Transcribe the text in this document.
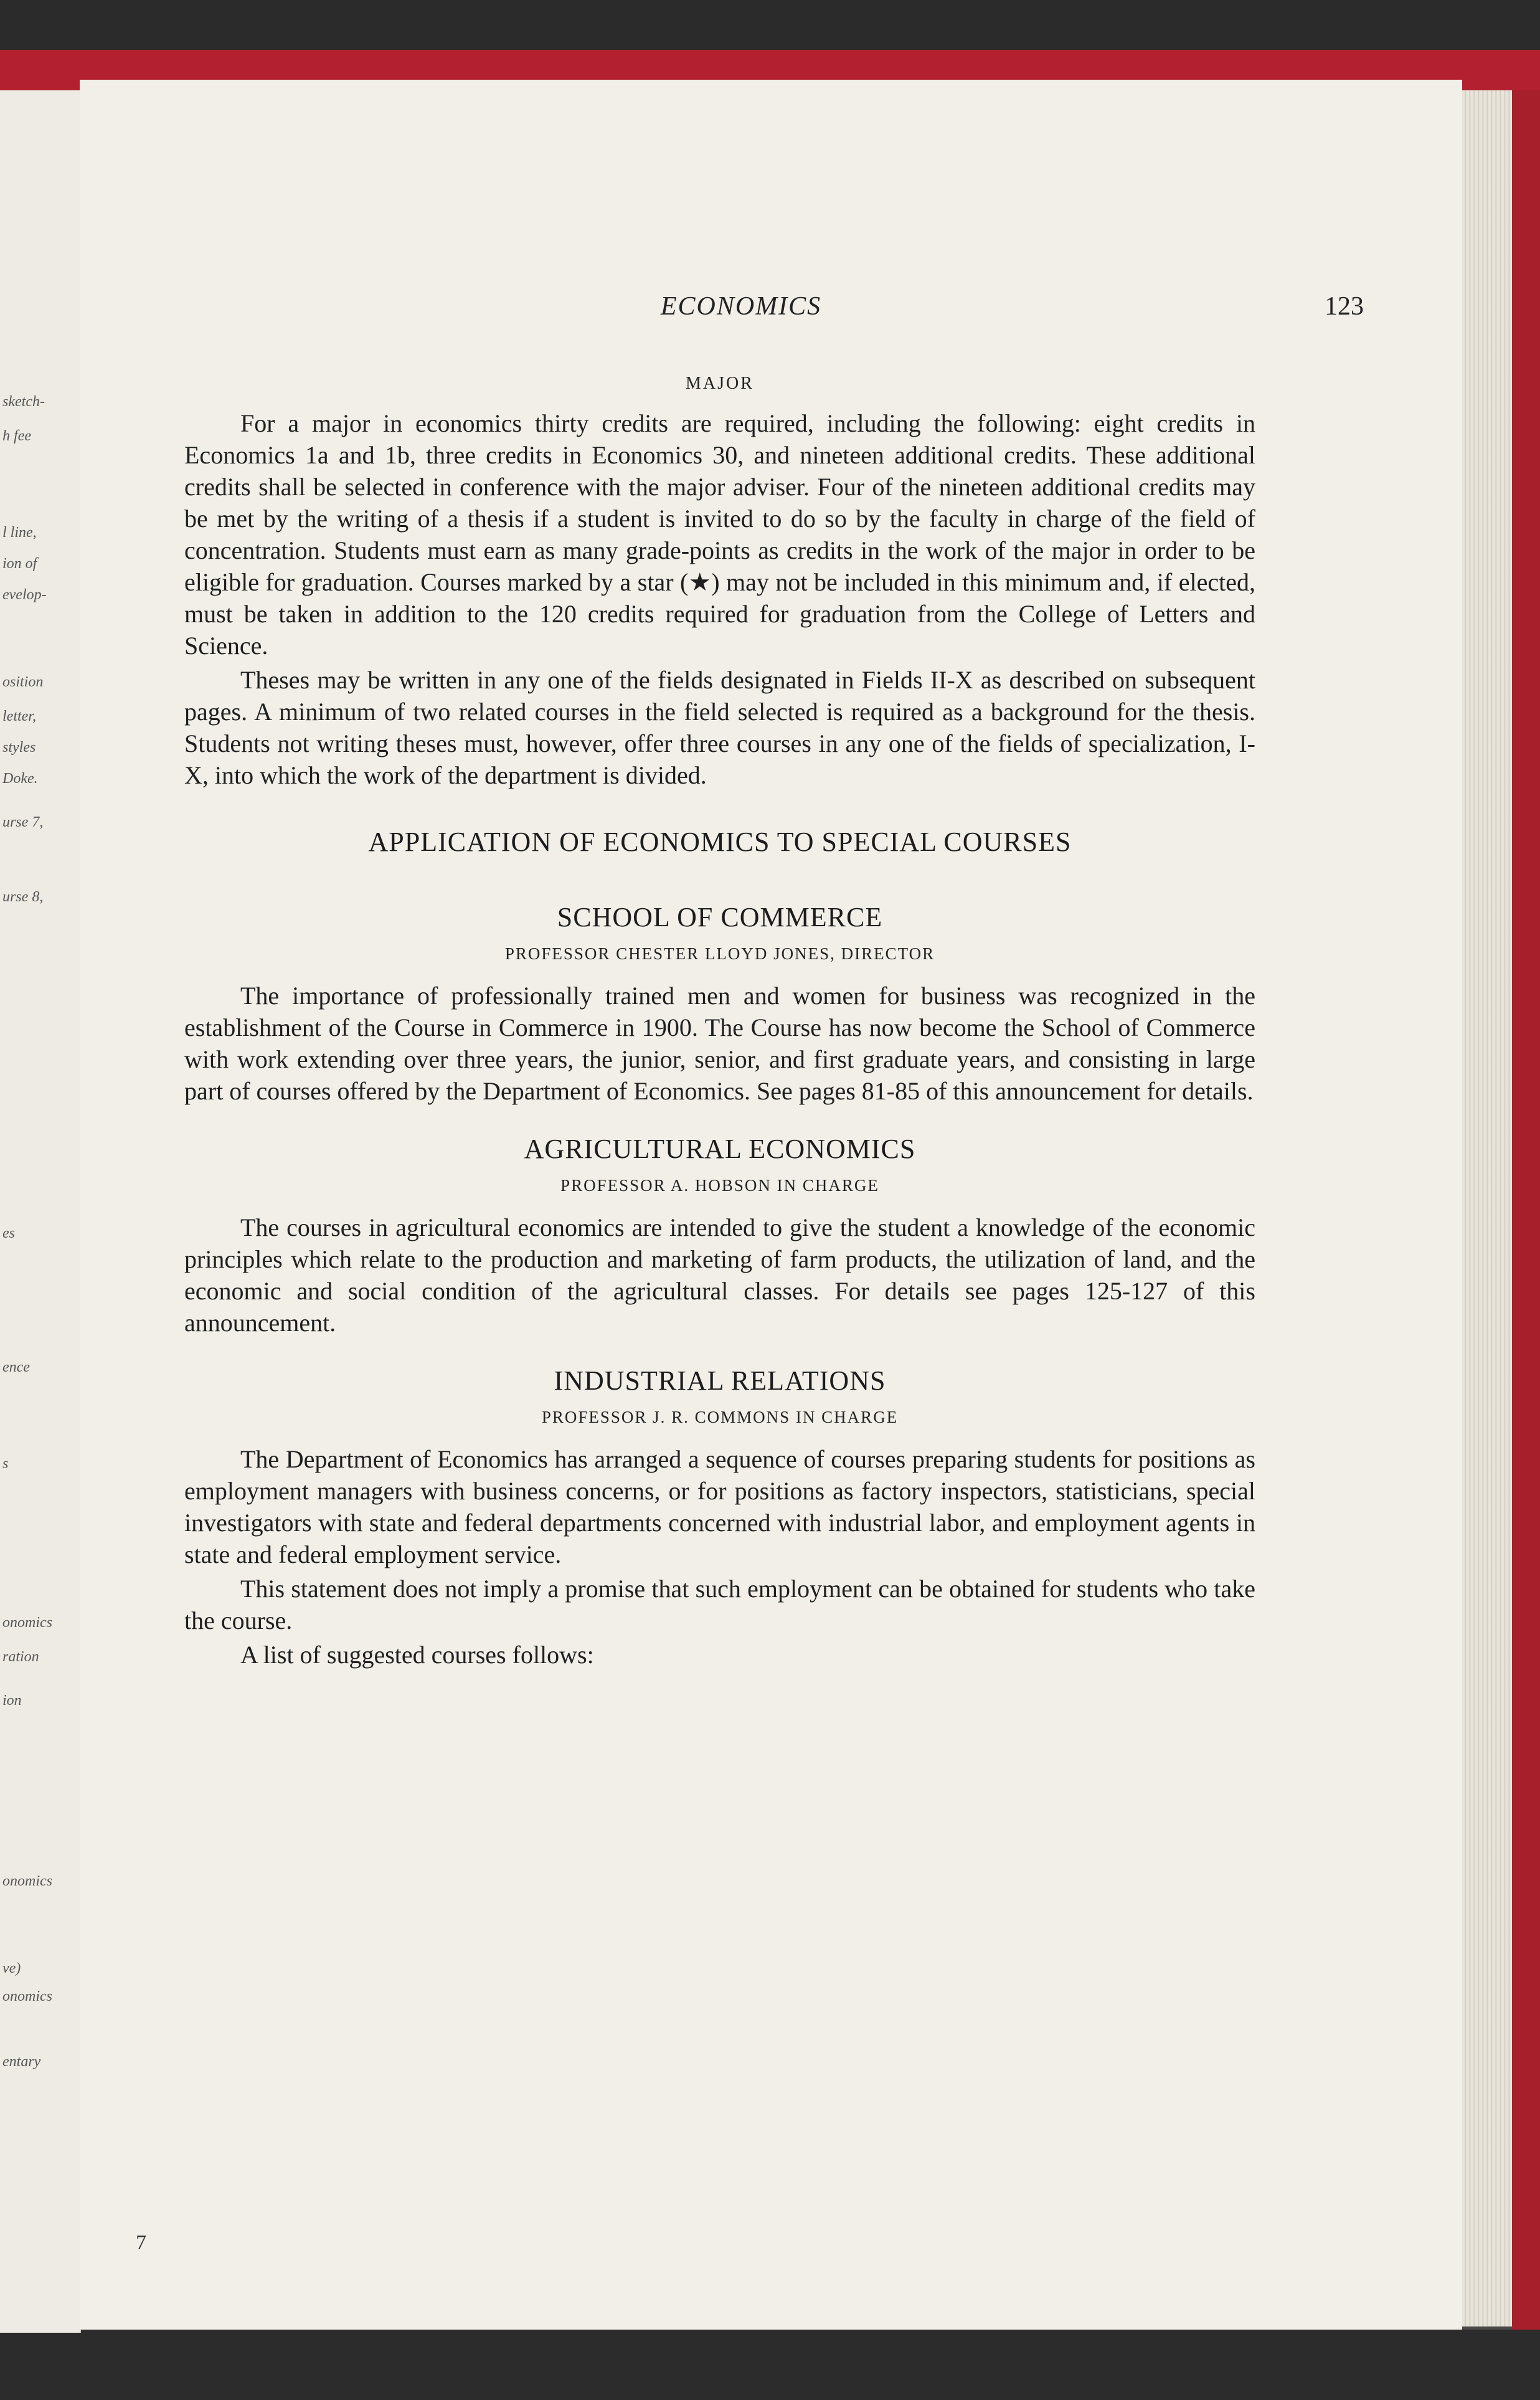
sketch-
h fee
l line,
ion of
evelop-
osition
letter,
styles
Doke.
urse 7,
urse 8,
es
ence
s
onomics
ration
ion
onomics
ve)
onomics
entary
7
ECONOMICS	123
MAJOR

For a major in economics thirty credits are required, including the following: eight credits in Economics 1a and 1b, three credits in Economics 30, and nineteen additional credits. These additional credits shall be selected in conference with the major adviser. Four of the nineteen additional credits may be met by the writing of a thesis if a student is invited to do so by the faculty in charge of the field of concentration. Students must earn as many grade-points as credits in the work of the major in order to be eligible for graduation. Courses marked by a star (★) may not be included in this minimum and, if elected, must be taken in addition to the 120 credits required for graduation from the College of Letters and Science.

Theses may be written in any one of the fields designated in Fields II-X as described on subsequent pages. A minimum of two related courses in the field selected is required as a background for the thesis. Students not writing theses must, however, offer three courses in any one of the fields of specialization, I-X, into which the work of the department is divided.

APPLICATION OF ECONOMICS TO SPECIAL COURSES
SCHOOL OF COMMERCE
PROFESSOR CHESTER LLOYD JONES, DIRECTOR

The importance of professionally trained men and women for business was recognized in the establishment of the Course in Commerce in 1900. The Course has now become the School of Commerce with work extending over three years, the junior, senior, and first graduate years, and consisting in large part of courses offered by the Department of Economics. See pages 81-85 of this announcement for details.

AGRICULTURAL ECONOMICS
PROFESSOR A. HOBSON IN CHARGE

The courses in agricultural economics are intended to give the student a knowledge of the economic principles which relate to the production and marketing of farm products, the utilization of land, and the economic and social condition of the agricultural classes. For details see pages 125-127 of this announcement.

INDUSTRIAL RELATIONS
PROFESSOR J. R. COMMONS IN CHARGE

The Department of Economics has arranged a sequence of courses preparing students for positions as employment managers with business concerns, or for positions as factory inspectors, statisticians, special investigators with state and federal departments concerned with industrial labor, and employment agents in state and federal employment service.

This statement does not imply a promise that such employment can be obtained for students who take the course.

A list of suggested courses follows:
